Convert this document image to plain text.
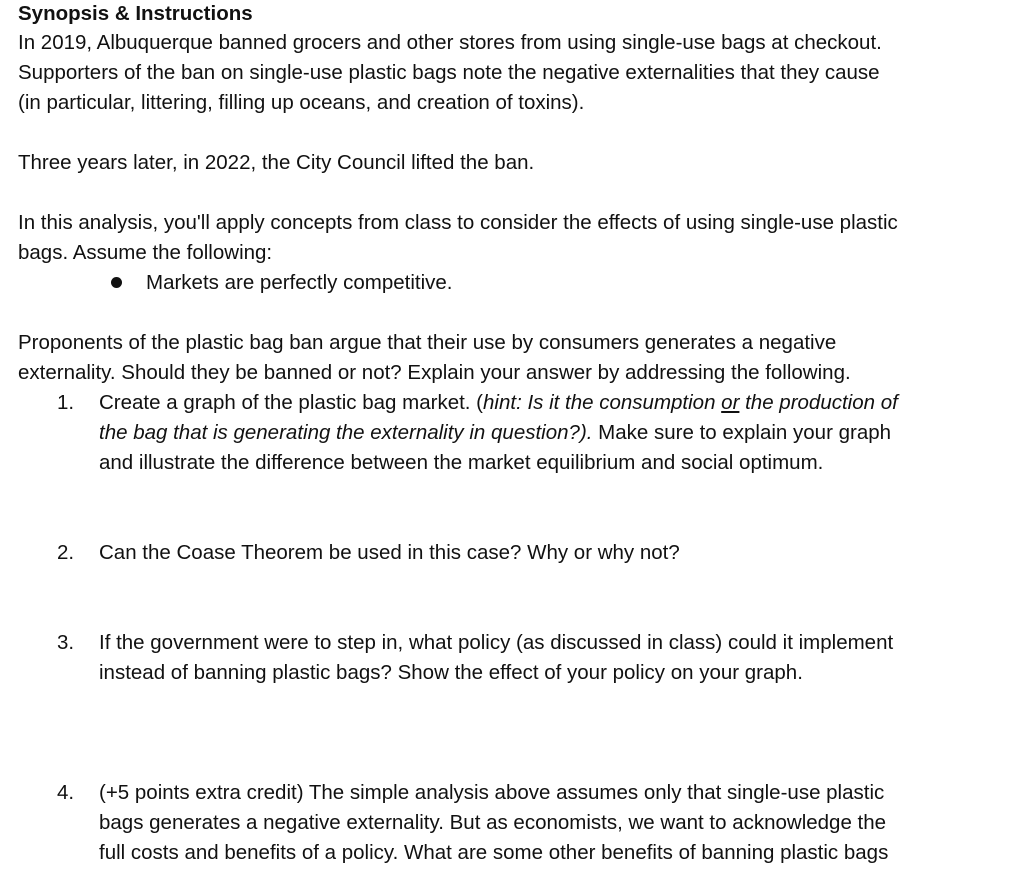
Synopsis & Instructions

In 2019, Albuquerque banned grocers and other stores from using single-use bags at checkout.
Supporters of the ban on single-use plastic bags note the negative externalities that they cause
(in particular, littering, filling up oceans, and creation of toxins).

Three years later, in 2022, the City Council lifted the ban.

In this analysis, you'll apply concepts from class to consider the effects of using single-use plastic
bags. Assume the following:

Markets are perfectly competitive.

Proponents of the plastic bag ban argue that their use by consumers generates a negative
externality. Should they be banned or not? Explain your answer by addressing the following.

1. Create a graph of the plastic bag market. (hint: Is it the consumption or the production of
the bag that is generating the externality in question?). Make sure to explain your graph
and illustrate the difference between the market equilibrium and social optimum.
2. Can the Coase Theorem be used in this case? Why or why not?
3. If the government were to step in, what policy (as discussed in class) could it implement
instead of banning plastic bags? Show the effect of your policy on your graph.
4. (+5 points extra credit) The simple analysis above assumes only that single-use plastic
bags generates a negative externality. But as economists, we want to acknowledge the
full costs and benefits of a policy. What are some other benefits of banning plastic bags
